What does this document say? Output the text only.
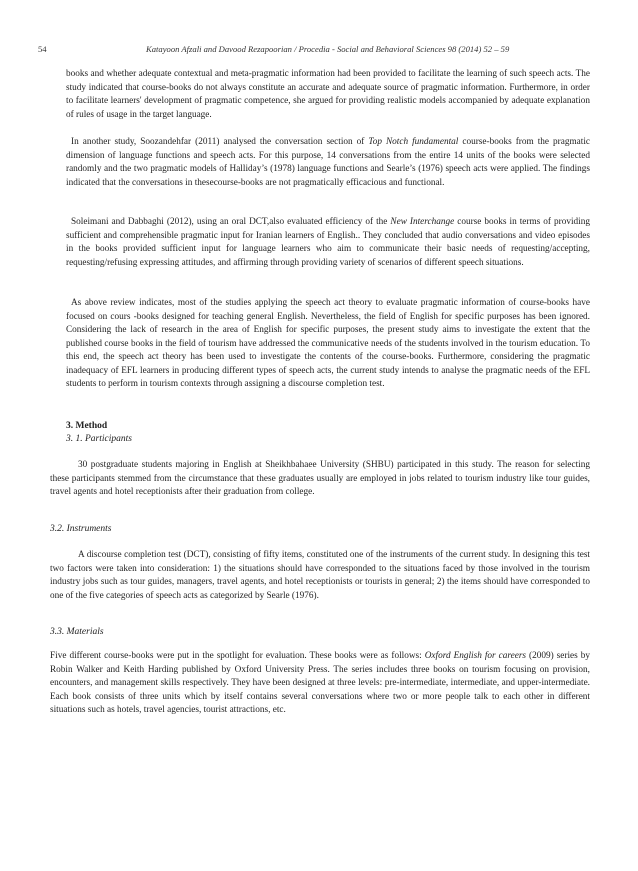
54	Katayoon Afzali and Davood Rezapoorian / Procedia - Social and Behavioral Sciences 98 (2014) 52 – 59

books and whether adequate contextual and meta-pragmatic information had been provided to facilitate the learning of such speech acts. The study indicated that course-books do not always constitute an accurate and adequate source of pragmatic information. Furthermore, in order to facilitate learners' development of pragmatic competence, she argued for providing realistic models accompanied by adequate explanation of rules of usage in the target language.

In another study, Soozandehfar (2011) analysed the conversation section of Top Notch fundamental course-books from the pragmatic dimension of language functions and speech acts. For this purpose, 14 conversations from the entire 14 units of the books were selected randomly and the two pragmatic models of Halliday’s (1978) language functions and Searle’s (1976) speech acts were applied. The findings indicated that the conversations in thesecourse-books are not pragmatically efficacious and functional.

Soleimani and Dabbaghi (2012), using an oral DCT,also evaluated efficiency of the New Interchange course books in terms of providing sufficient and comprehensible pragmatic input for Iranian learners of English.. They concluded that audio conversations and video episodes in the books provided sufficient input for language learners who aim to communicate their basic needs of requesting/accepting, requesting/refusing expressing attitudes, and affirming through providing variety of scenarios of different speech situations.

As above review indicates, most of the studies applying the speech act theory to evaluate pragmatic information of course-books have focused on cours -books designed for teaching general English. Nevertheless, the field of English for specific purposes has been ignored. Considering the lack of research in the area of English for specific purposes, the present study aims to investigate the extent that the published course books in the field of tourism have addressed the communicative needs of the students involved in the tourism education. To this end, the speech act theory has been used to investigate the contents of the course-books. Furthermore, considering the pragmatic inadequacy of EFL learners in producing different types of speech acts, the current study intends to analyse the pragmatic needs of the EFL students to perform in tourism contexts through assigning a discourse completion test.

3. Method
3. 1. Participants

30 postgraduate students majoring in English at Sheikhbahaee University (SHBU) participated in this study. The reason for selecting these participants stemmed from the circumstance that these graduates usually are employed in jobs related to tourism industry like tour guides, travel agents and hotel receptionists after their graduation from college.

3.2. Instruments

A discourse completion test (DCT), consisting of fifty items, constituted one of the instruments of the current study. In designing this test two factors were taken into consideration: 1) the situations should have corresponded to the situations faced by those involved in the tourism industry jobs such as tour guides, managers, travel agents, and hotel receptionists or tourists in general; 2) the items should have corresponded to one of the five categories of speech acts as categorized by Searle (1976).

3.3. Materials

Five different course-books were put in the spotlight for evaluation. These books were as follows: Oxford English for careers (2009) series by Robin Walker and Keith Harding published by Oxford University Press. The series includes three books on tourism focusing on provision, encounters, and management skills respectively. They have been designed at three levels: pre-intermediate, intermediate, and upper-intermediate. Each book consists of three units which by itself contains several conversations where two or more people talk to each other in different situations such as hotels, travel agencies, tourist attractions, etc.
